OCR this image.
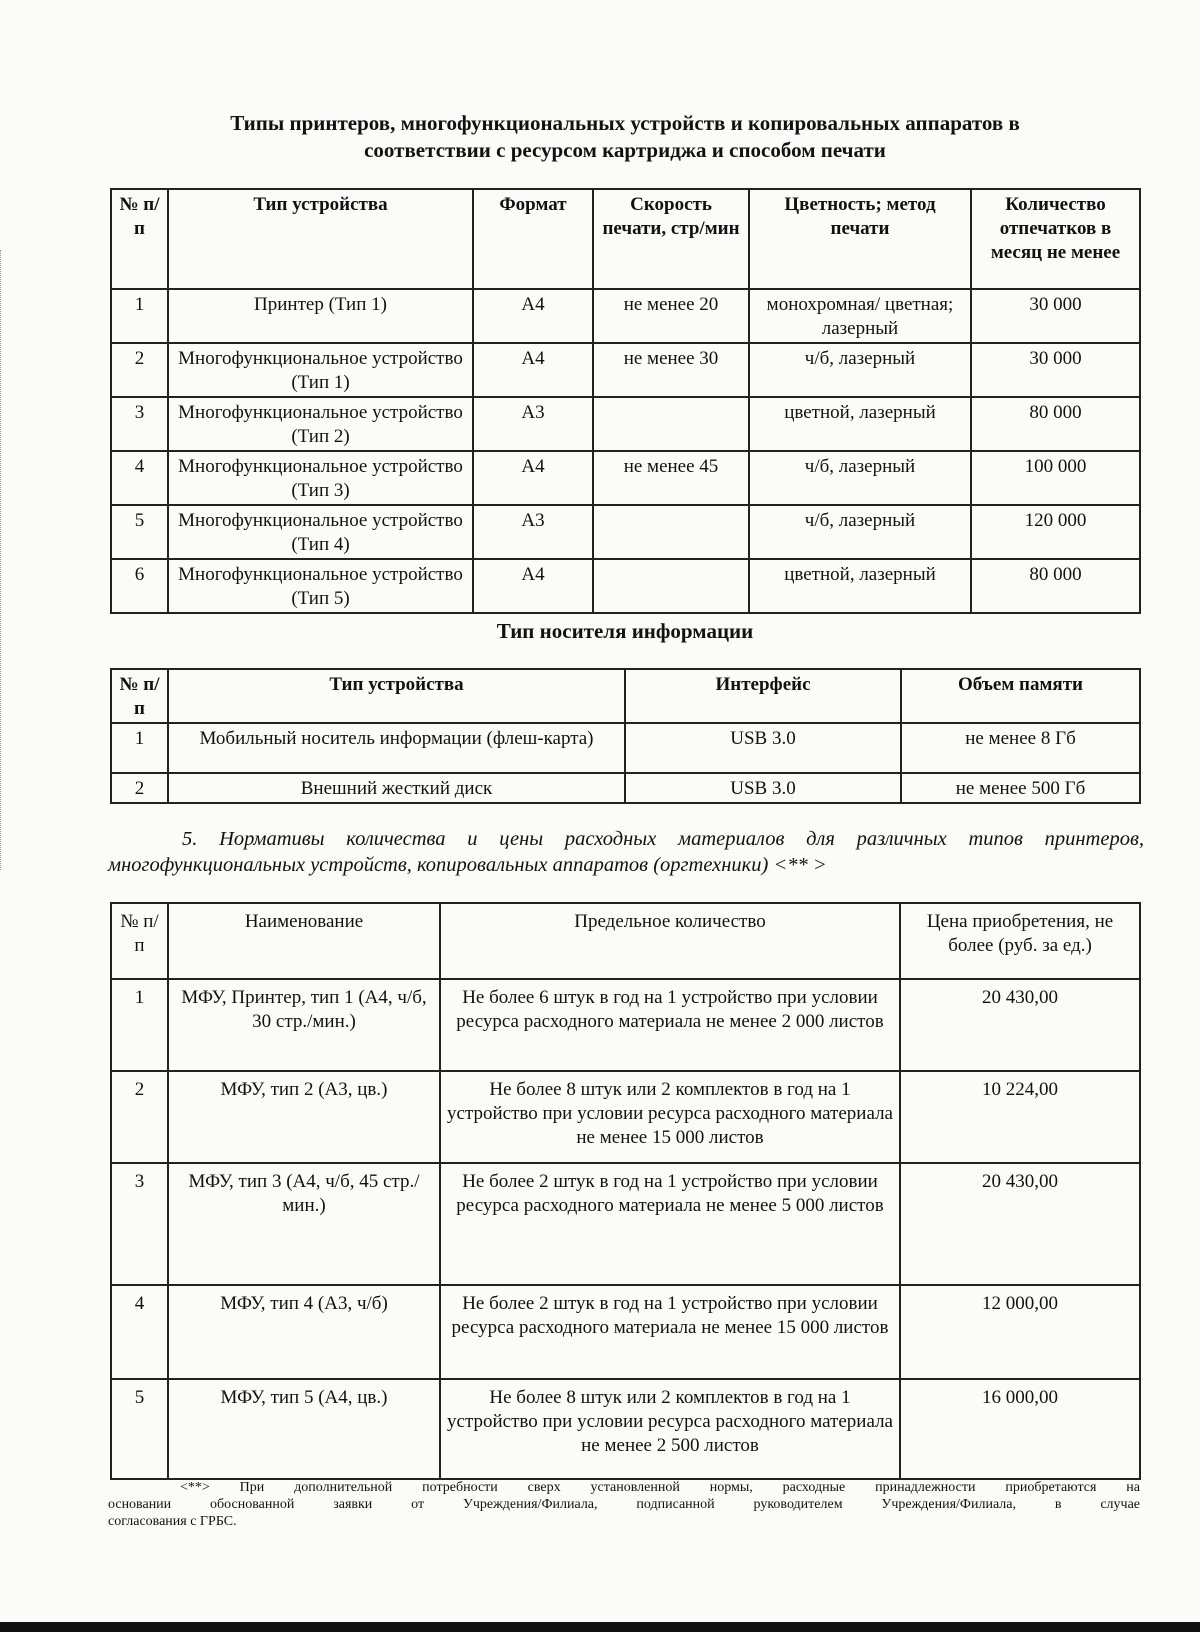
Типы принтеров, многофункциональных устройств и копировальных аппаратов в
соответствии с ресурсом картриджа и способом печати
№ п/п	Тип устройства	Формат	Скорость печати, стр/мин	Цветность; метод печати	Количество отпечатков в месяц не менее
1	Принтер (Тип 1)	А4	не менее 20	монохромная/ цветная; лазерный	30 000
2	Многофункциональное устройство (Тип 1)	А4	не менее 30	ч/б, лазерный	30 000
3	Многофункциональное устройство (Тип 2)	А3		цветной, лазерный	80 000
4	Многофункциональное устройство (Тип 3)	А4	не менее 45	ч/б, лазерный	100 000
5	Многофункциональное устройство (Тип 4)	А3		ч/б, лазерный	120 000
6	Многофункциональное устройство (Тип 5)	А4		цветной, лазерный	80 000
Тип носителя информации
№ п/п	Тип устройства	Интерфейс	Объем памяти
1	Мобильный носитель информации (флеш-карта)	USB 3.0	не менее 8 Гб
2	Внешний жесткий диск	USB 3.0	не менее 500 Гб
5. Нормативы количества и цены расходных материалов для различных типов принтеров,
многофункциональных устройств, копировальных аппаратов (оргтехники) <** >
№ п/п	Наименование	Предельное количество	Цена приобретения, не более (руб. за ед.)
1	МФУ, Принтер, тип 1 (А4, ч/б, 30 стр./мин.)	Не более 6 штук в год на 1 устройство при условии ресурса расходного материала не менее 2 000 листов	20 430,00
2	МФУ, тип 2 (А3, цв.)	Не более 8 штук или 2 комплектов в год на 1 устройство при условии ресурса расходного материала не менее 15 000 листов	10 224,00
3	МФУ, тип 3 (А4, ч/б, 45 стр./мин.)	Не более 2 штук в год на 1 устройство при условии ресурса расходного материала не менее 5 000 листов	20 430,00
4	МФУ, тип 4 (А3, ч/б)	Не более 2 штук в год на 1 устройство при условии ресурса расходного материала не менее 15 000 листов	12 000,00
5	МФУ, тип 5 (А4, цв.)	Не более 8 штук или 2 комплектов в год на 1 устройство при условии ресурса расходного материала не менее 2 500 листов	16 000,00
<**> При дополнительной потребности сверх установленной нормы, расходные принадлежности приобретаются на
основании обоснованной заявки от Учреждения/Филиала, подписанной руководителем Учреждения/Филиала, в случае
согласования с ГРБС.
